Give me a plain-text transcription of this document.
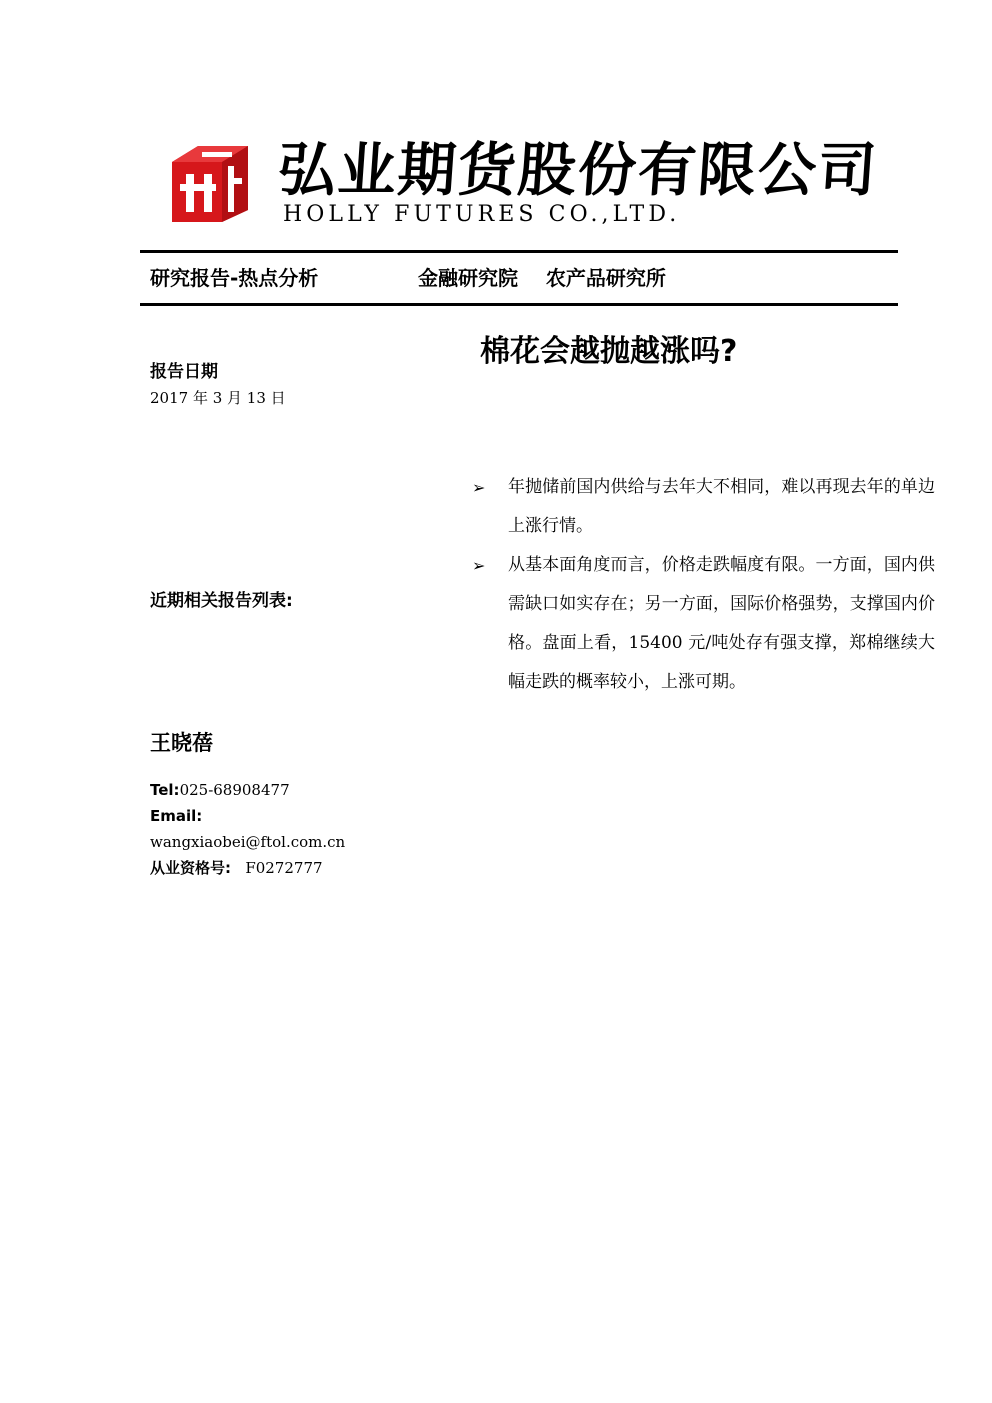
弘业期货股份有限公司
HOLLY FUTURES CO.,LTD.
研究报告-热点分析	金融研究院    农产品研究所
棉花会越抛越涨吗?
报告日期
2017 年 3 月 13 日
近期相关报告列表:
王晓蓓
Tel:025-68908477
Email:
wangxiaobei@ftol.com.cn
从业资格号: F0272777
➢ 年抛储前国内供给与去年大不相同，难以再现去年的单边上涨行情。
➢ 从基本面角度而言，价格走跌幅度有限。一方面，国内供需缺口如实存在；另一方面，国际价格强势，支撑国内价格。盘面上看，15400 元/吨处存有强支撑，郑棉继续大幅走跌的概率较小，上涨可期。
